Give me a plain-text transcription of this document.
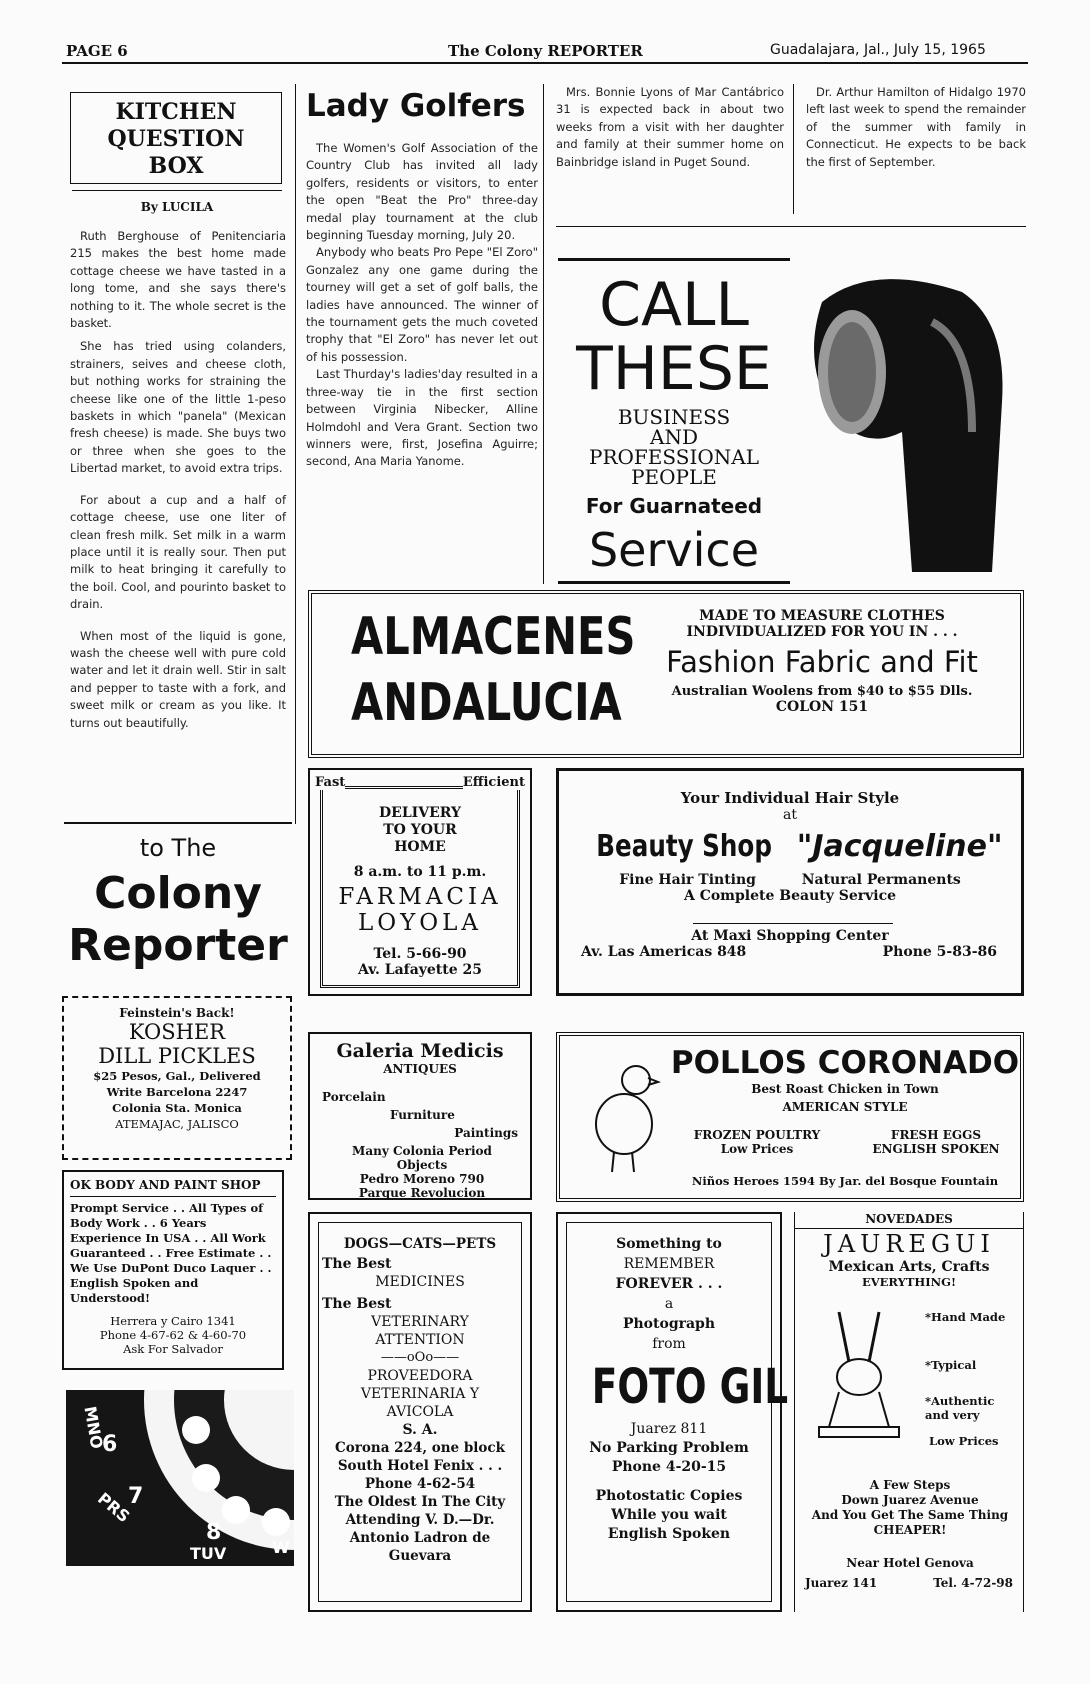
PAGE 6	The Colony REPORTER	Guadalajara, Jal., July 15, 1965
KITCHEN
QUESTION
BOX
By LUCILA

Ruth Berghouse of Penitenciaria 215 makes the best home made cottage cheese we have tasted in a long tome, and she says there's nothing to it. The whole secret is the basket.

She has tried using colanders, strainers, seives and cheese cloth, but nothing works for straining the cheese like one of the little 1-peso baskets in which "panela" (Mexican fresh cheese) is made. She buys two or three when she goes to the Libertad market, to avoid extra trips.

For about a cup and a half of cottage cheese, use one liter of clean fresh milk. Set milk in a warm place until it is really sour. Then put milk to heat bringing it carefully to the boil. Cool, and pourinto basket to drain.

When most of the liquid is gone, wash the cheese well with pure cold water and let it drain well. Stir in salt and pepper to taste with a fork, and sweet milk or cream as you like. It turns out beautifully.

to The
Colony
Reporter
Feinstein's Back!
KOSHER
DILL PICKLES
$25 Pesos, Gal., Delivered
Write Barcelona 2247
Colonia Sta. Monica
ATEMAJAC, JALISCO
OK BODY AND PAINT SHOP
Prompt Service . . All Types of Body Work . . 6 Years Experience In USA . . All Work Guaranteed . . Free Estimate . . We Use DuPont Duco Laquer . . English Spoken and Understood!
Herrera y Cairo 1341
Phone 4-67-62 & 4-60-70
Ask For Salvador
MNO
6
PRS
7
8
TUV
9
W
Lady Golfers

The Women's Golf Association of the Country Club has invited all lady golfers, residents or visitors, to enter the open "Beat the Pro" three-day medal play tournament at the club beginning Tuesday morning, July 20.

Anybody who beats Pro Pepe "El Zoro" Gonzalez any one game during the tourney will get a set of golf balls, the ladies have announced. The winner of the tournament gets the much coveted trophy that "El Zoro" has never let out of his possession.

Last Thurday's ladies'day resulted in a three-way tie in the first section between Virginia Nibecker, Alline Holmdohl and Vera Grant. Section two winners were, first, Josefina Aguirre; second, Ana Maria Yanome.

Mrs. Bonnie Lyons of Mar Cantábrico 31 is expected back in about two weeks from a visit with her daughter and family at their summer home on Bainbridge island in Puget Sound.

Dr. Arthur Hamilton of Hidalgo 1970 left last week to spend the remainder of the summer with family in Connecticut. He expects to be back the first of September.

CALL
THESE
BUSINESS
AND
PROFESSIONAL
PEOPLE
For Guarnateed
Service
ALMACENES
ANDALUCIA
MADE TO MEASURE CLOTHES
INDIVIDUALIZED FOR YOU IN . . .
Fashion Fabric and Fit
Australian Woolens from $40 to $55 Dlls.
COLON 151
Fast	Efficient
DELIVERY
TO YOUR
HOME
8 a.m. to 11 p.m.
FARMACIA
LOYOLA
Tel. 5-66-90
Av. Lafayette 25
Your Individual Hair Style
at
Beauty Shop "Jacqueline"
Fine Hair Tinting	Natural Permanents
A Complete Beauty Service
At Maxi Shopping Center
Av. Las Americas 848	Phone 5-83-86
Galeria Medicis
ANTIQUES
Porcelain
Furniture
Paintings
Many Colonia Period
Objects
Pedro Moreno 790
Parque Revolucion
POLLOS CORONADO
Best Roast Chicken in Town
AMERICAN STYLE
FROZEN POULTRY
Low Prices
FRESH EGGS
ENGLISH SPOKEN
Niños Heroes 1594 By Jar. del Bosque Fountain
DOGS—CATS—PETS
The Best
MEDICINES
The Best
VETERINARY
ATTENTION
——oOo——
PROVEEDORA
VETERINARIA Y
AVICOLA
S. A.
Corona 224, one block
South Hotel Fenix . . .
Phone 4-62-54
The Oldest In The City
Attending V. D.—Dr.
Antonio Ladron de
Guevara
Something to
REMEMBER
FOREVER . . .
a
Photograph
from
FOTO GIL
Juarez 811
No Parking Problem
Phone 4-20-15
Photostatic Copies
While you wait
English Spoken
NOVEDADES
JAUREGUI
Mexican Arts, Crafts
EVERYTHING!
*Hand Made
*Typical
*Authentic and very
Low Prices
A Few Steps
Down Juarez Avenue
And You Get The Same Thing
CHEAPER!
Near Hotel Genova
Juarez 141	Tel. 4-72-98
